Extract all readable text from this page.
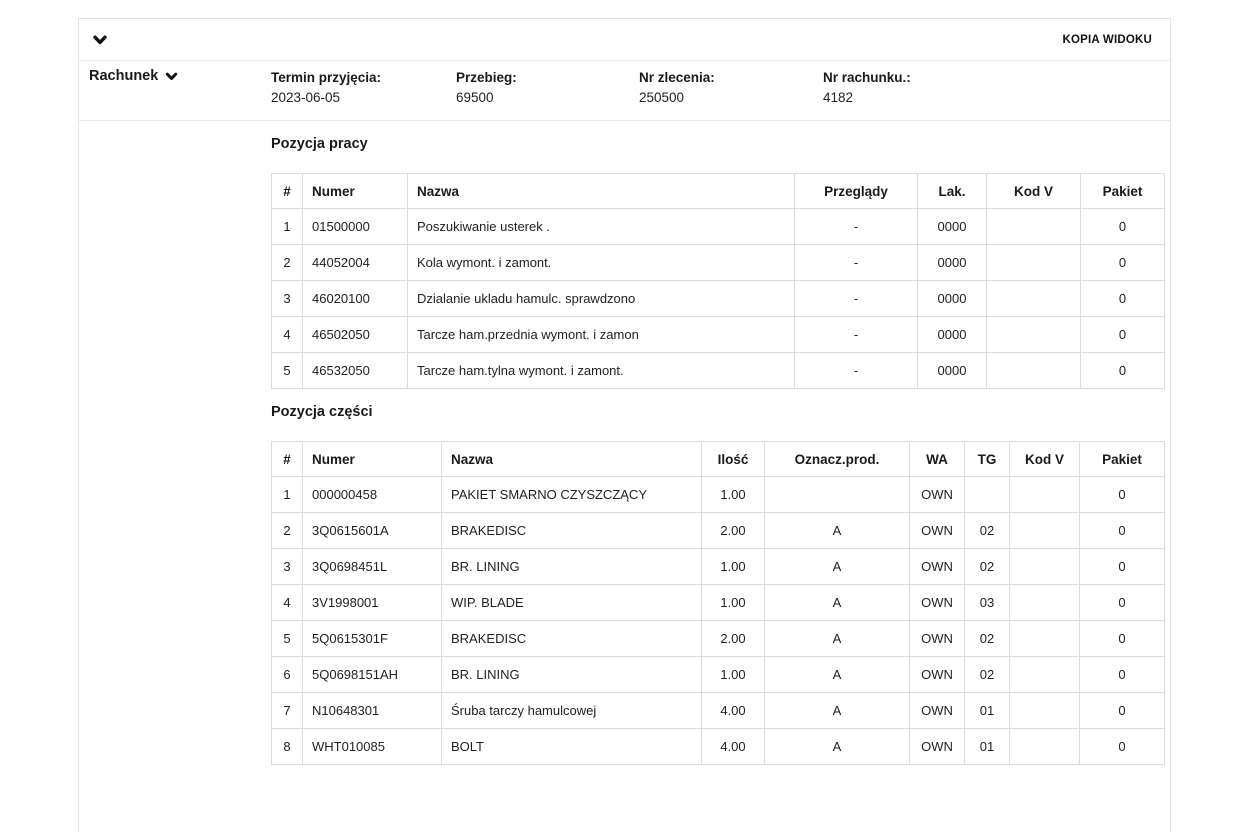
KOPIA WIDOKU
Rachunek	Termin przyjęcia:
2023-06-05
Przebieg:
69500
Nr zlecenia:
250500
Nr rachunku.:
4182
Pozycja pracy
#	Numer	Nazwa	Przeglądy	Lak.	Kod V	Pakiet
1	01500000	Poszukiwanie usterek .	-	0000		0
2	44052004	Kola wymont. i zamont.	-	0000		0
3	46020100	Dzialanie ukladu hamulc. sprawdzono	-	0000		0
4	46502050	Tarcze ham.przednia wymont. i zamon	-	0000		0
5	46532050	Tarcze ham.tylna wymont. i zamont.	-	0000		0
Pozycja części
#	Numer	Nazwa	Ilość	Oznacz.prod.	WA	TG	Kod V	Pakiet
1	000000458	PAKIET SMARNO CZYSZCZĄCY	1.00		OWN			0
2	3Q0615601A	BRAKEDISC	2.00	A	OWN	02		0
3	3Q0698451L	BR. LINING	1.00	A	OWN	02		0
4	3V1998001	WIP. BLADE	1.00	A	OWN	03		0
5	5Q0615301F	BRAKEDISC	2.00	A	OWN	02		0
6	5Q0698151AH	BR. LINING	1.00	A	OWN	02		0
7	N10648301	Śruba tarczy hamulcowej	4.00	A	OWN	01		0
8	WHT010085	BOLT	4.00	A	OWN	01		0
